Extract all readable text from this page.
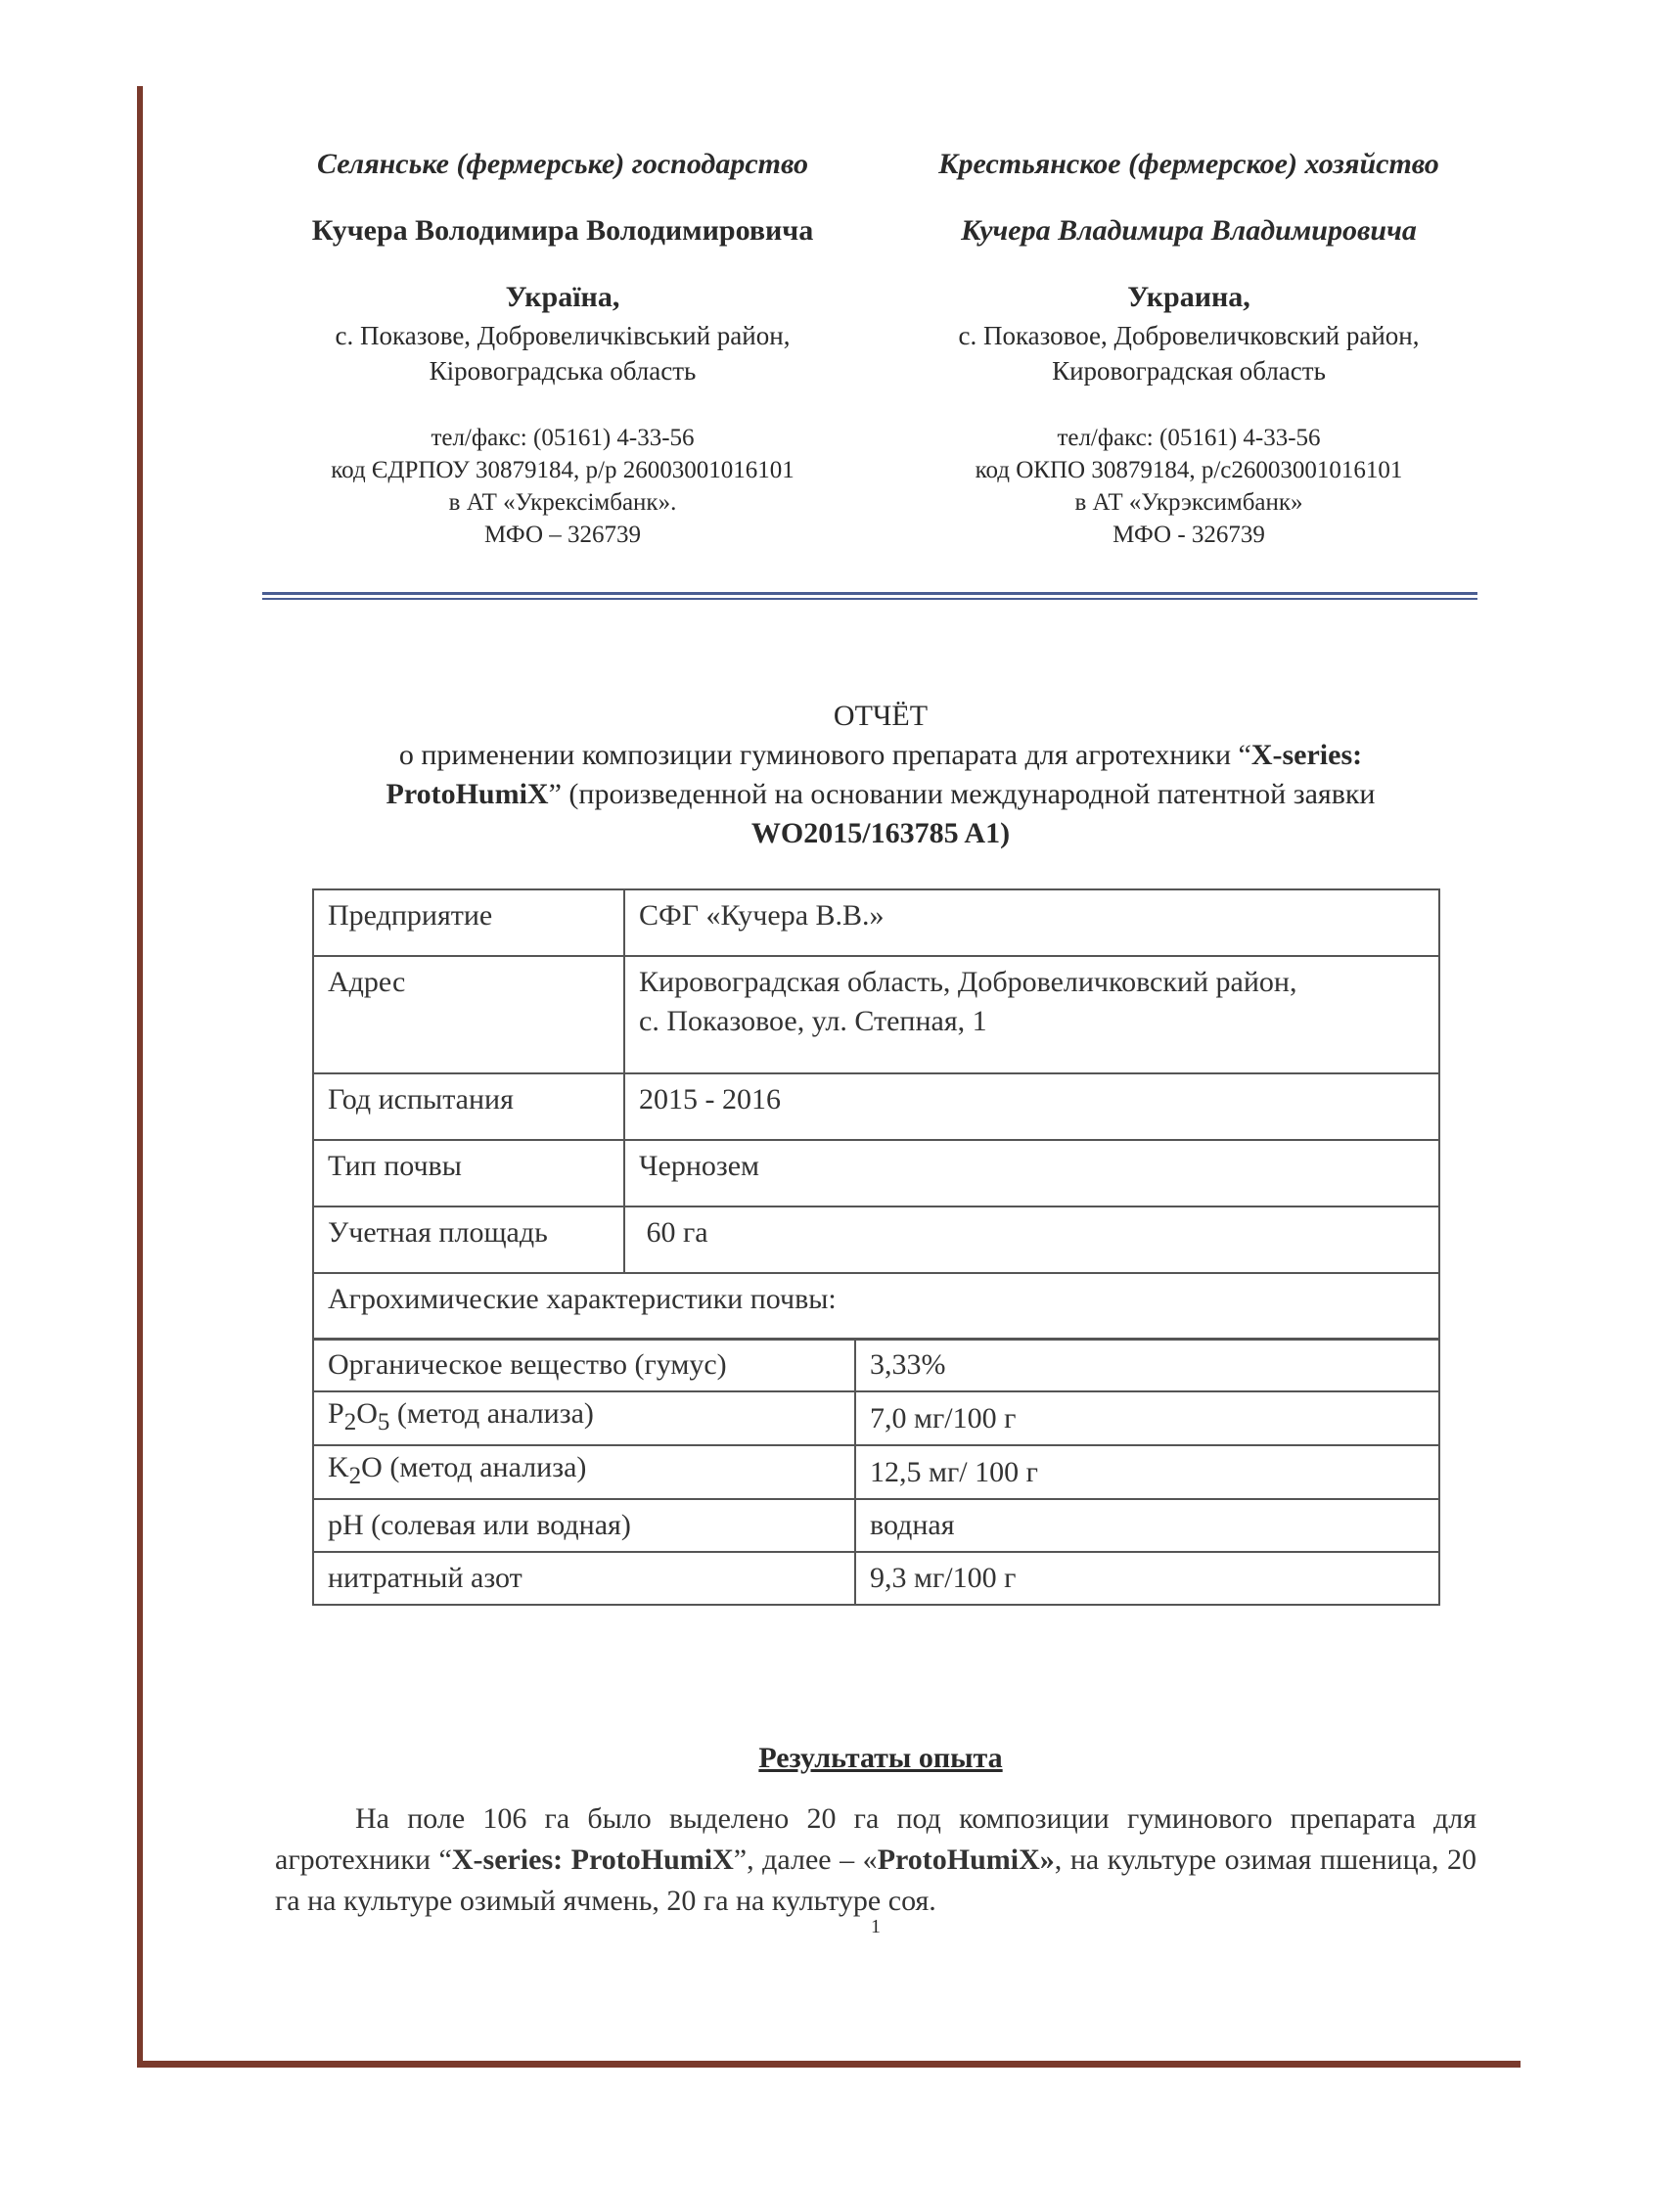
Селянське (фермерське) господарство
Кучера Володимира Володимировича
Україна,
с. Показове, Добровеличківський район,
Кіровоградська область
тел/факс: (05161) 4-33-56
код ЄДРПОУ 30879184, р/р 26003001016101
в АТ «Укрексімбанк».
МФО – 326739
Крестьянское (фермерское) хозяйство
Кучера Владимира Владимировича
Украина,
с. Показовое, Добровеличковский район,
Кировоградская область
тел/факс: (05161) 4-33-56
код ОКПО 30879184, р/с26003001016101
в АТ «Укрэксимбанк»
МФО - 326739
ОТЧЁТ
о применении композиции гуминового препарата для агротехники “X-series: ProtoHumiX” (произведенной на основании международной патентной заявки WO2015/163785 A1)
Предприятие	СФГ «Кучера В.В.»
Адрес	Кировоградская область, Добровеличковский район,
с. Показовое, ул. Степная, 1

Год испытания	2015 - 2016
Тип почвы	Чернозем
Учетная площадь	60 га
Агрохимические характеристики почвы:	
Органическое вещество (гумус)	3,33%
$P_2O_5$ (метод анализа)	7,0 мг/100 г
$K_2O$ (метод анализа)	12,5 мг/ 100 г
pH (солевая или водная)	водная
нитратный азот	9,3 мг/100 г
Результаты опыта
На поле 106 га было выделено 20 га под композиции гуминового препарата для агротехники “X-series: ProtoHumiX”, далее – «ProtoHumiX», на культуре озимая пшеница, 20 га на культуре озимый ячмень, 20 га на культуре соя.
1
